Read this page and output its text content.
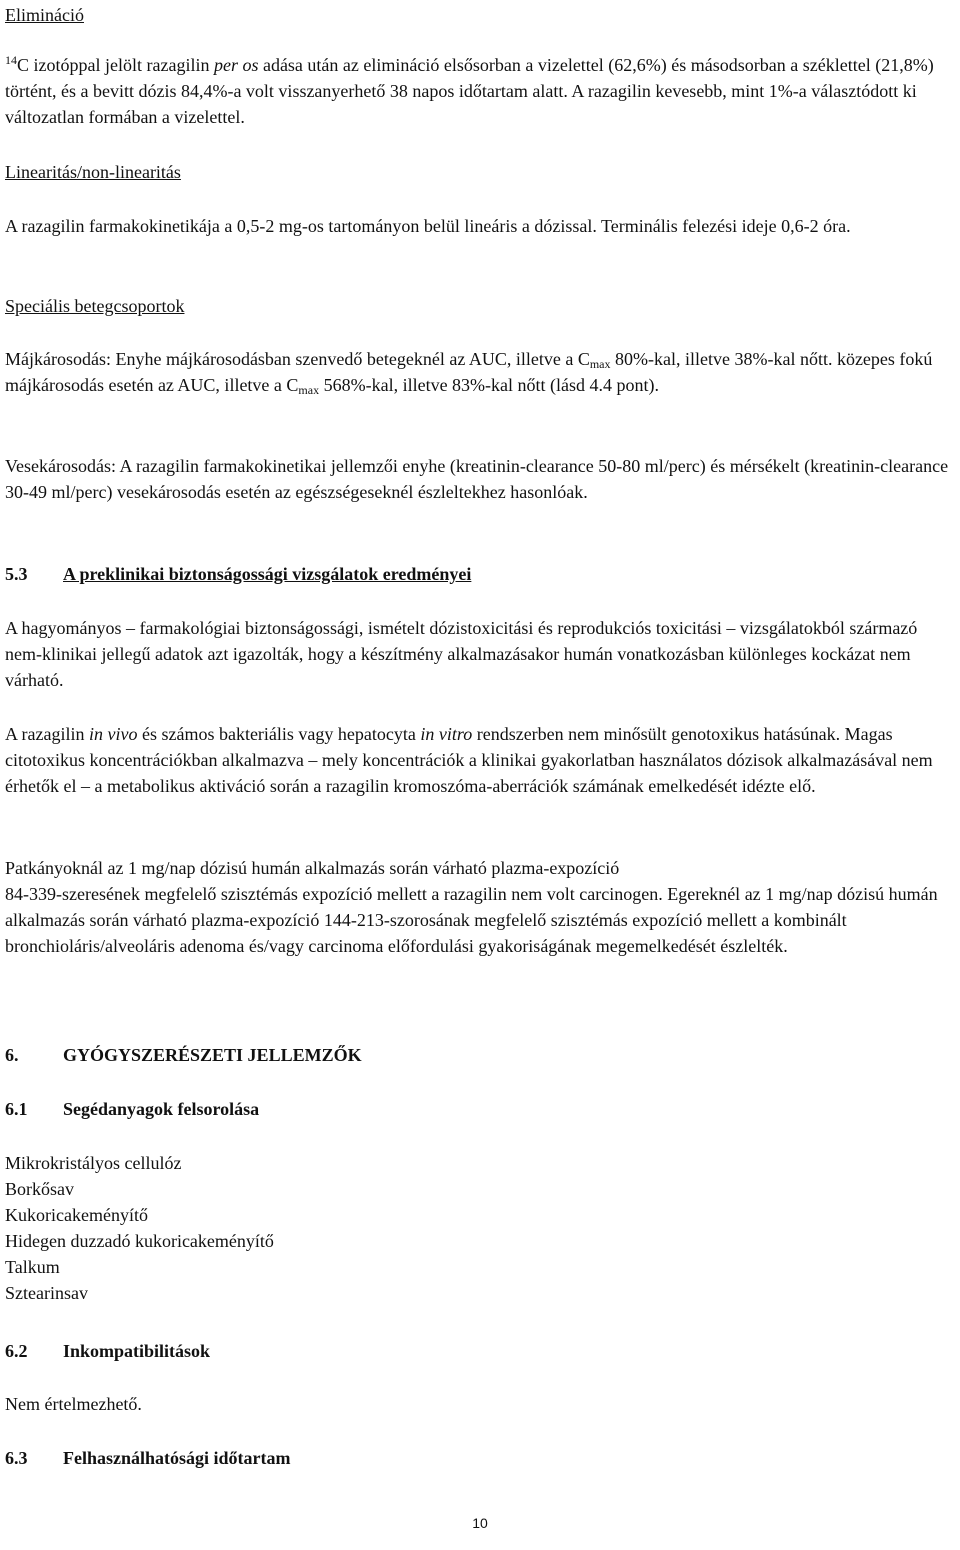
Elimináció

$^{14}$C izotóppal jelölt razagilin per os adása után az elimináció elsősorban a vizelettel (62,6%) és másodsorban a széklettel (21,8%) történt, és a bevitt dózis 84,4%-a volt visszanyerhető 38 napos időtartam alatt. A razagilin kevesebb, mint 1%-a választódott ki változatlan formában a vizelettel.

Linearitás/non-linearitás

A razagilin farmakokinetikája a 0,5-2 mg-os tartományon belül lineáris a dózissal. Terminális felezési ideje 0,6-2 óra.

Speciális betegcsoportok

Májkárosodás: Enyhe májkárosodásban szenvedő betegeknél az AUC, illetve a $C_{max}$ 80%-kal, illetve 38%-kal nőtt. közepes fokú májkárosodás esetén az AUC, illetve a $C_{max}$ 568%-kal, illetve 83%-kal nőtt (lásd 4.4 pont).

Vesekárosodás: A razagilin farmakokinetikai jellemzői enyhe (kreatinin-clearance 50-80 ml/perc) és mérsékelt (kreatinin-clearance 30-49 ml/perc) vesekárosodás esetén az egészségeseknél észleltekhez hasonlóak.

5.3 A preklinikai biztonságossági vizsgálatok eredményei

A hagyományos – farmakológiai biztonságossági, ismételt dózistoxicitási és reprodukciós toxicitási – vizsgálatokból származó nem-klinikai jellegű adatok azt igazolták, hogy a készítmény alkalmazásakor humán vonatkozásban különleges kockázat nem várható.

A razagilin in vivo és számos bakteriális vagy hepatocyta in vitro rendszerben nem minősült genotoxikus hatásúnak. Magas citotoxikus koncentrációkban alkalmazva – mely koncentrációk a klinikai gyakorlatban használatos dózisok alkalmazásával nem érhetők el – a metabolikus aktiváció során a razagilin kromoszóma-aberrációk számának emelkedését idézte elő.

Patkányoknál az 1 mg/nap dózisú humán alkalmazás során várható plazma-expozíció
84-339-szeresének megfelelő szisztémás expozíció mellett a razagilin nem volt carcinogen. Egereknél az 1 mg/nap dózisú humán alkalmazás során várható plazma-expozíció 144-213-szorosának megfelelő szisztémás expozíció mellett a kombinált bronchioláris/alveoláris adenoma és/vagy carcinoma előfordulási gyakoriságának megemelkedését észlelték.

6. GYÓGYSZERÉSZETI JELLEMZŐK

6.1 Segédanyagok felsorolása

Mikrokristályos cellulóz

Borkősav

Kukoricakeményítő

Hidegen duzzadó kukoricakeményítő

Talkum

Sztearinsav

6.2 Inkompatibilitások

Nem értelmezhető.

6.3 Felhasználhatósági időtartam

10
